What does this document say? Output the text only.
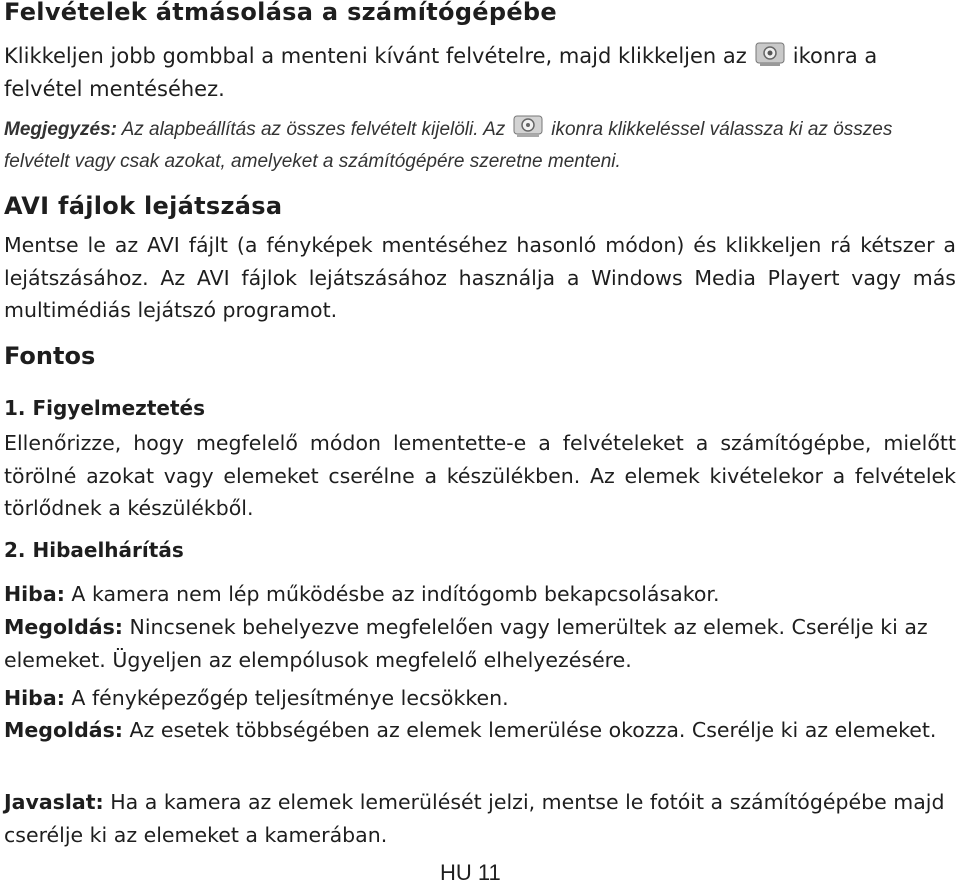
Felvételek átmásolása a számítógépébe

Klikkeljen jobb gombbal a menteni kívánt felvételre, majd klikkeljen az ikonra a felvétel mentéséhez.

Megjegyzés: Az alapbeállítás az összes felvételt kijelöli. Az ikonra klikkeléssel válassza ki az összes felvételt vagy csak azokat, amelyeket a számítógépére szeretne menteni.

AVI fájlok lejátszása

Mentse le az AVI fájlt (a fényképek mentéséhez hasonló módon) és klikkeljen rá kétszer a lejátszásához. Az AVI fájlok lejátszásához használja a Windows Media Playert vagy más multimédiás lejátszó programot.

Fontos
1. Figyelmeztetés

Ellenőrizze, hogy megfelelő módon lementette-e a felvételeket a számítógépbe, mielőtt törölné azokat vagy elemeket cserélne a készülékben. Az elemek kivételekor a felvételek törlődnek a készülékből.

2. Hibaelhárítás

Hiba: A kamera nem lép működésbe az indítógomb bekapcsolásakor.

Megoldás: Nincsenek behelyezve megfelelően vagy lemerültek az elemek. Cserélje ki az elemeket. Ügyeljen az elempólusok megfelelő elhelyezésére.

Hiba: A fényképezőgép teljesítménye lecsökken.

Megoldás: Az esetek többségében az elemek lemerülése okozza. Cserélje ki az elemeket.

Javaslat: Ha a kamera az elemek lemerülését jelzi, mentse le fotóit a számítógépébe majd cserélje ki az elemeket a kamerában.

HU 11
